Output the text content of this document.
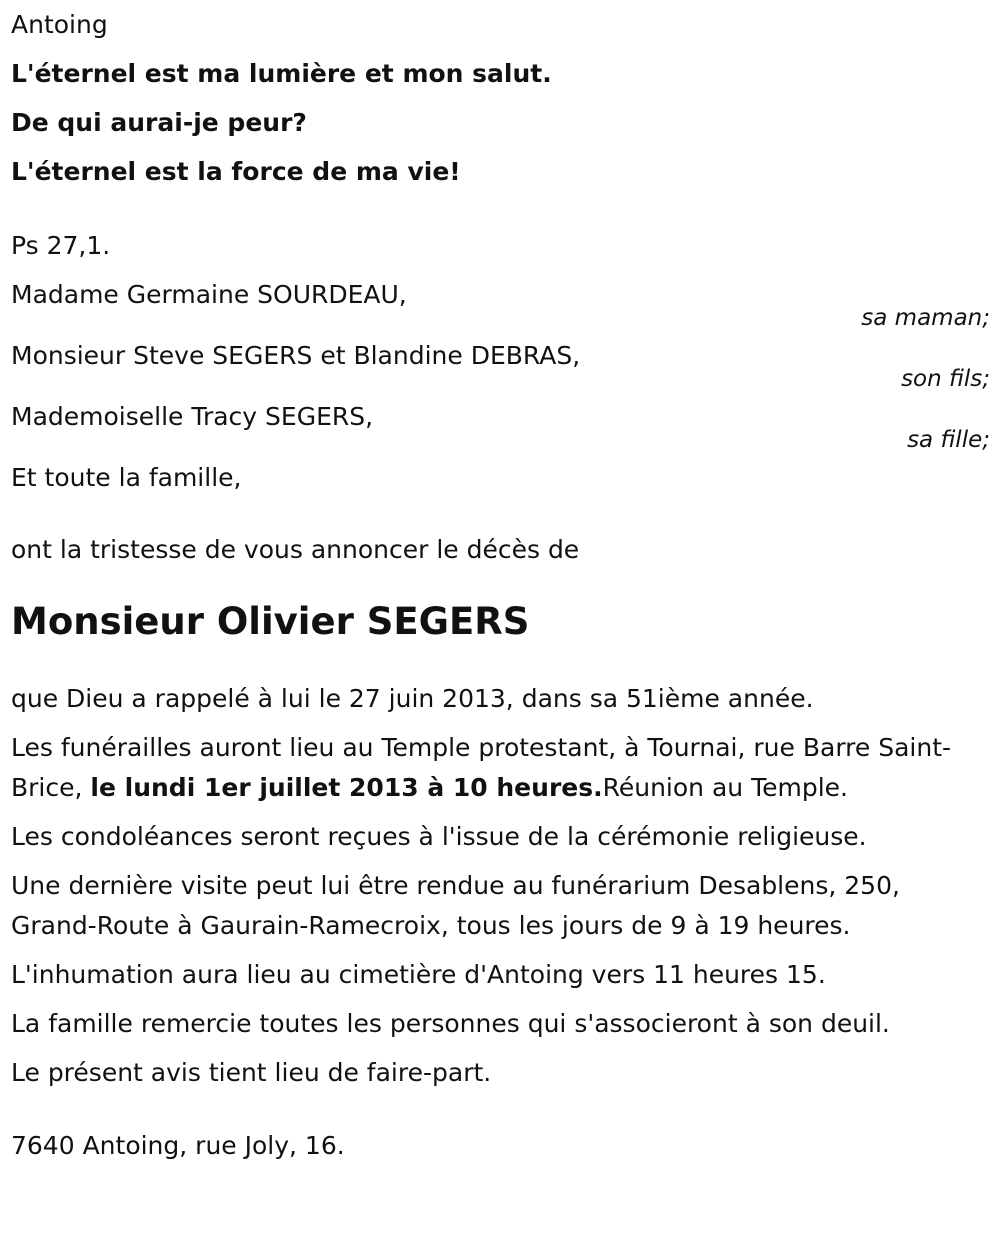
Antoing
L'éternel est ma lumière et mon salut.
De qui aurai-je peur?
L'éternel est la force de ma vie!
Ps 27,1.
Madame Germaine SOURDEAU,
sa maman;
Monsieur Steve SEGERS et Blandine DEBRAS,
son fils;
Mademoiselle Tracy SEGERS,
sa fille;
Et toute la famille,
ont la tristesse de vous annoncer le décès de
Monsieur Olivier SEGERS
que Dieu a rappelé à lui le 27 juin 2013, dans sa 51ième année.
Les funérailles auront lieu au Temple protestant, à Tournai, rue Barre Saint-Brice, le lundi 1er juillet 2013 à 10 heures.Réunion au Temple.
Les condoléances seront reçues à l'issue de la cérémonie religieuse.
Une dernière visite peut lui être rendue au funérarium Desablens, 250, Grand-Route à Gaurain-Ramecroix, tous les jours de 9 à 19 heures.
L'inhumation aura lieu au cimetière d'Antoing vers 11 heures 15.
La famille remercie toutes les personnes qui s'associeront à son deuil.
Le présent avis tient lieu de faire-part.
7640 Antoing, rue Joly, 16.
